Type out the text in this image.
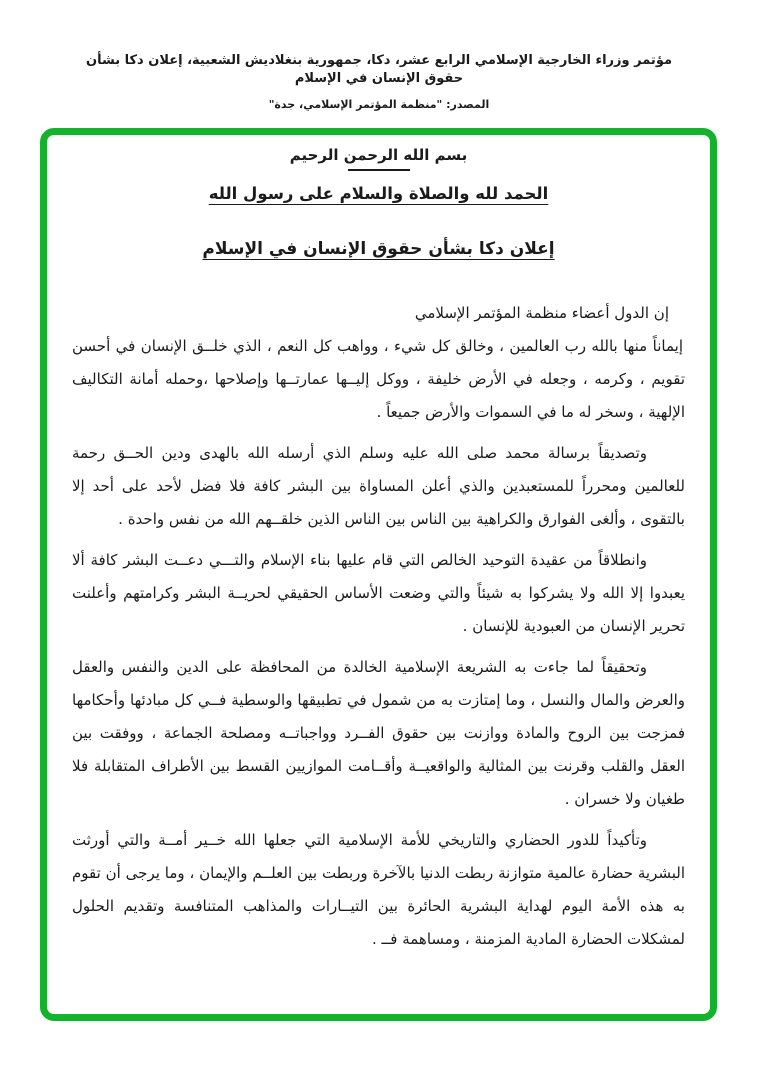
مؤتمر وزراء الخارجية الإسلامي الرابع عشر، دكا، جمهورية بنغلاديش الشعبية، إعلان دكا بشأن حقوق الإنسان في الإسلام
المصدر: "منظمة المؤتمر الإسلامي، جدة"
بسم الله الرحمن الرحيم
الحمد لله والصلاة والسلام على رسول الله
إعلان دكا بشأن حقوق الإنسان في الإسلام

إن الدول أعضاء منظمة المؤتمر الإسلامي

إيماناً منها بالله رب العالمين ، وخالق كل شيء ، وواهب كل النعم ، الذي خلــق الإنسان في أحسن تقويم ، وكرمه ، وجعله في الأرض خليفة ، ووكل إليــها عمارتــها وإصلاحها ،وحمله أمانة التكاليف الإلهية ، وسخر له ما في السموات والأرض جميعاً .

وتصديقاً برسالة محمد صلى الله عليه وسلم الذي أرسله الله بالهدى ودين الحــق رحمة للعالمين ومحرراً للمستعبدين والذي أعلن المساواة بين البشر كافة فلا فضل لأحد على أحد إلا بالتقوى ، وألغى الفوارق والكراهية بين الناس بين الناس الذين خلقــهم الله من نفس واحدة .

وانطلاقاً من عقيدة التوحيد الخالص التي قام عليها بناء الإسلام والتـــي دعــت البشر كافة ألا يعبدوا إلا الله ولا يشركوا به شيئاً والتي وضعت الأساس الحقيقي لحريــة البشر وكرامتهم وأعلنت تحرير الإنسان من العبودية للإنسان .

وتحقيقاً لما جاءت به الشريعة الإسلامية الخالدة من المحافظة على الدين والنفس والعقل والعرض والمال والنسل ، وما إمتازت به من شمول في تطبيقها والوسطية فــي كل مبادئها وأحكامها فمزجت بين الروح والمادة ووازنت بين حقوق الفــرد وواجباتــه ومصلحة الجماعة ، ووفقت بين العقل والقلب وقرنت بين المثالية والواقعيــة وأقــامت الموازيين القسط بين الأطراف المتقابلة فلا طغيان ولا خسران .

وتأكيداً للدور الحضاري والتاريخي للأمة الإسلامية التي جعلها الله خــير أمــة والتي أورثت البشرية حضارة عالمية متوازنة ربطت الدنيا بالآخرة وربطت بين العلــم والإيمان ، وما يرجى أن تقوم به هذه الأمة اليوم لهداية البشرية الحائرة بين التيــارات والمذاهب المتنافسة وتقديم الحلول لمشكلات الحضارة المادية المزمنة ، ومساهمة فــ .
